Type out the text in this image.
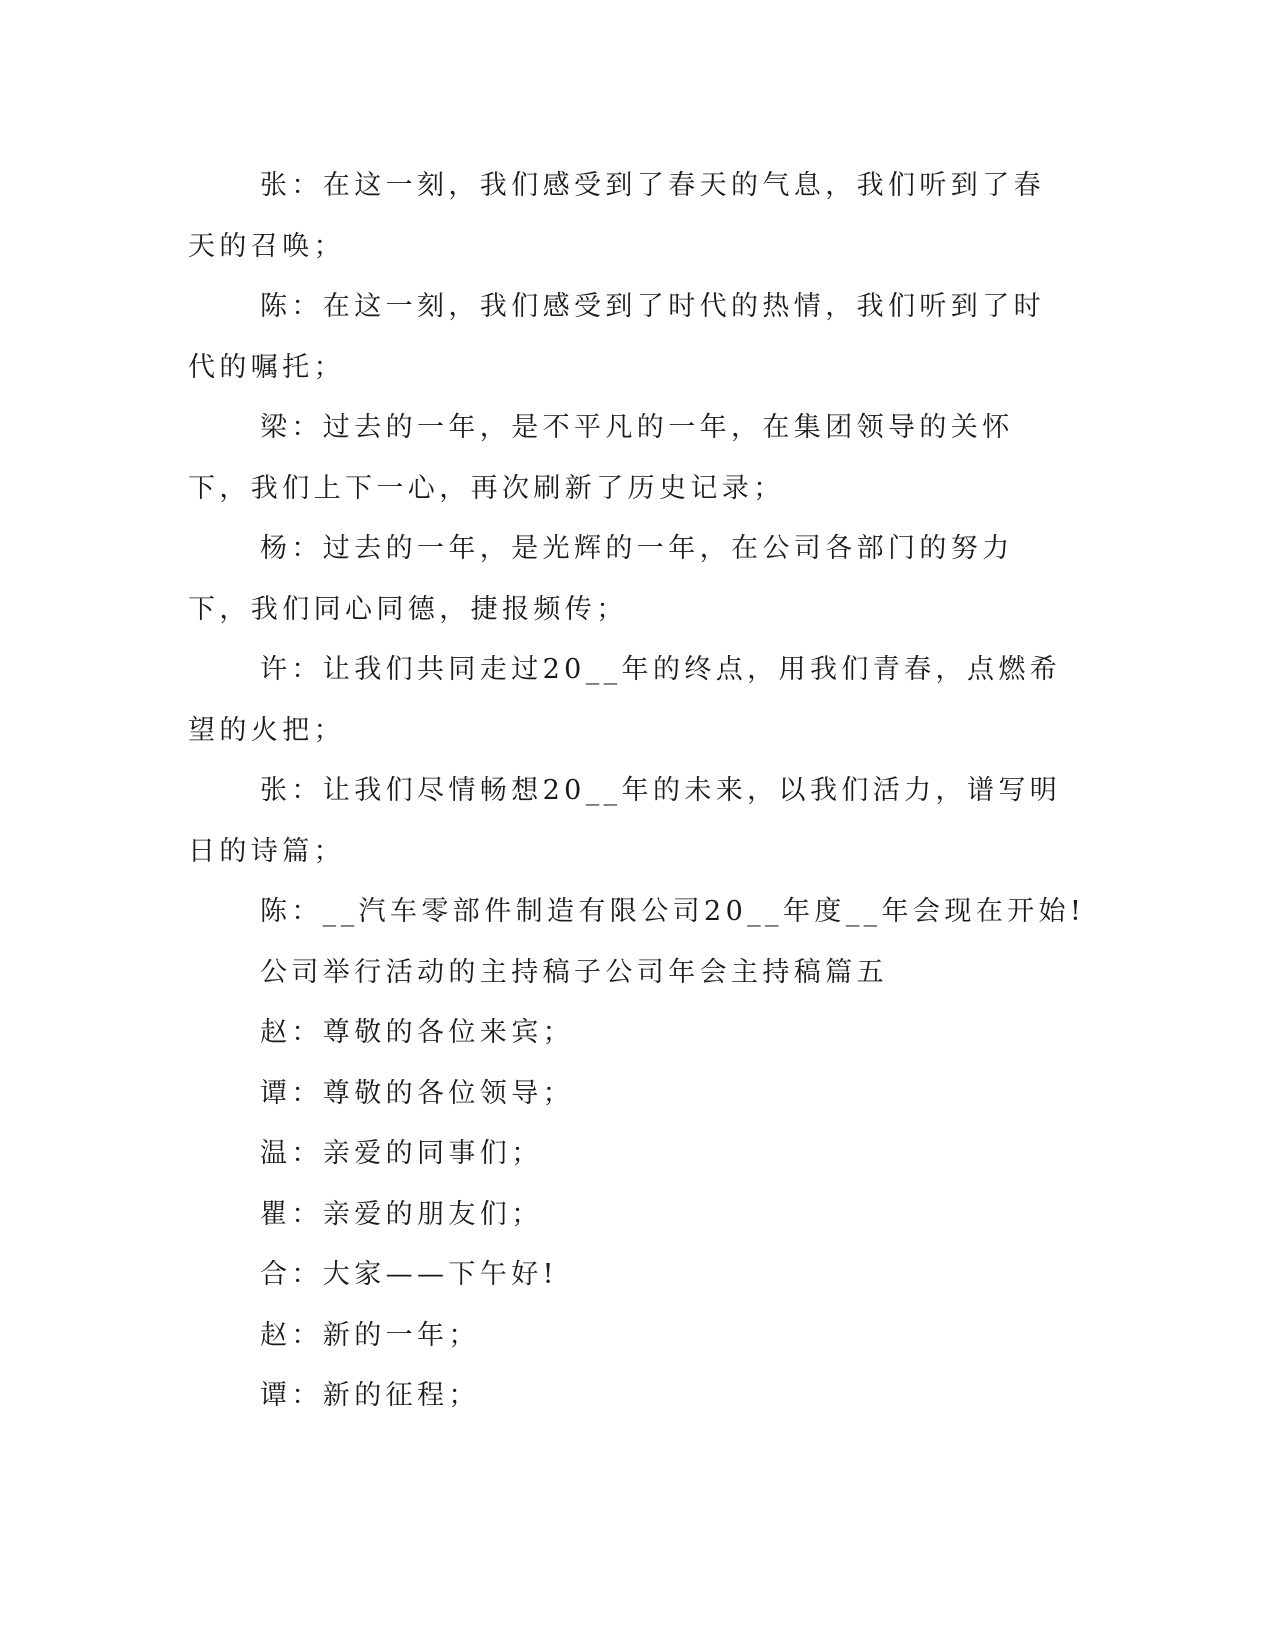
张：在这一刻，我们感受到了春天的气息，我们听到了春天的召唤；

陈：在这一刻，我们感受到了时代的热情，我们听到了时代的嘱托；

梁：过去的一年，是不平凡的一年，在集团领导的关怀下，我们上下一心，再次刷新了历史记录；

杨：过去的一年，是光辉的一年，在公司各部门的努力下，我们同心同德，捷报频传；

许：让我们共同走过20__年的终点，用我们青春，点燃希望的火把；

张：让我们尽情畅想20__年的未来，以我们活力，谱写明日的诗篇；

陈：__汽车零部件制造有限公司20__年度__年会现在开始!

公司举行活动的主持稿子公司年会主持稿篇五

赵：尊敬的各位来宾；

谭：尊敬的各位领导；

温：亲爱的同事们；

瞿：亲爱的朋友们；

合：大家——下午好!

赵：新的一年；

谭：新的征程；
